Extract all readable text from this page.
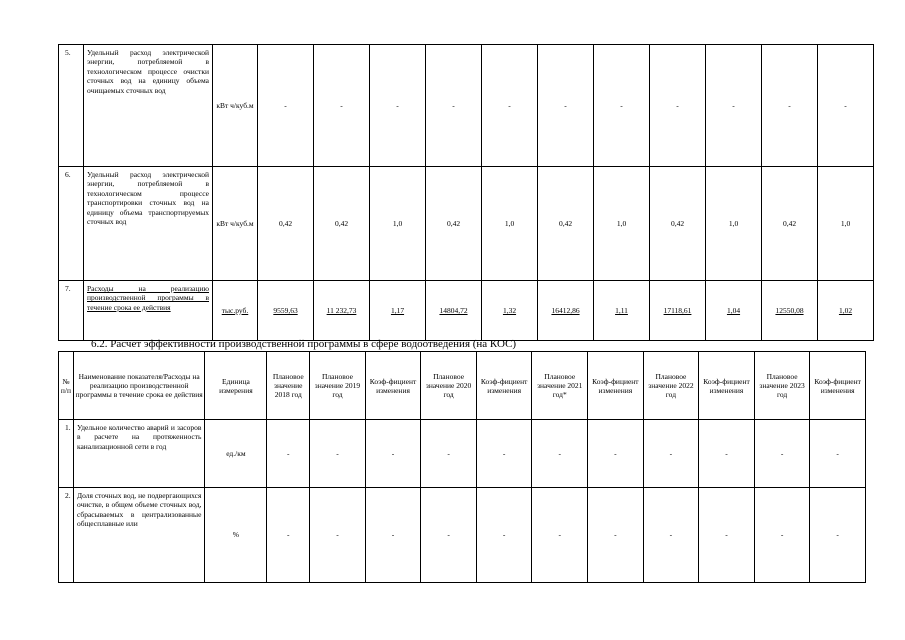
5.	Удельный расход электрической энергии, потребляемой в технологическом процессе очистки сточных вод на единицу объема очищаемых сточных вод	кВт ч/куб.м	-	-	-	-	-	-	-	-	-	-	-
6.	Удельный расход электрической энергии, потребляемой в технологическом процессе транспортировки сточных вод на единицу объема транспортируемых сточных вод	кВт ч/куб.м	0,42	0,42	1,0	0,42	1,0	0,42	1,0	0,42	1,0	0,42	1,0
7.	Расходы на реализацию производственной программы в течение срока ее действия	тыс.руб.	9559,63	11 232,73	1,17	14804,72	1,32	16412,86	1,11	17118,61	1,04	12550,08	1,02
6.2. Расчет эффективности производственной программы в сфере водоотведения (на КОС)
№ п/п	Наименование показателя/Расходы на реализацию производственной программы в течение срока ее действия	Единица измерения	Плановое значение 2018 год	Плановое значение 2019 год	Коэф-фициент изменения	Плановое значение 2020 год	Коэф-фициент изменения	Плановое значение 2021 год*	Коэф-фициент изменения	Плановое значение 2022 год	Коэф-фициент изменения	Плановое значение 2023 год	Коэф-фициент изменения
1.	Удельное количество аварий и засоров в расчете на протяженность канализационной сети в год	ед./км	-	-	-	-	-	-	-	-	-	-	-
2.	Доля сточных вод, не подвергающихся очистке, в общем объеме сточных вод, сбрасываемых в централизованные общесплавные или	%	-	-	-	-	-	-	-	-	-	-	-
